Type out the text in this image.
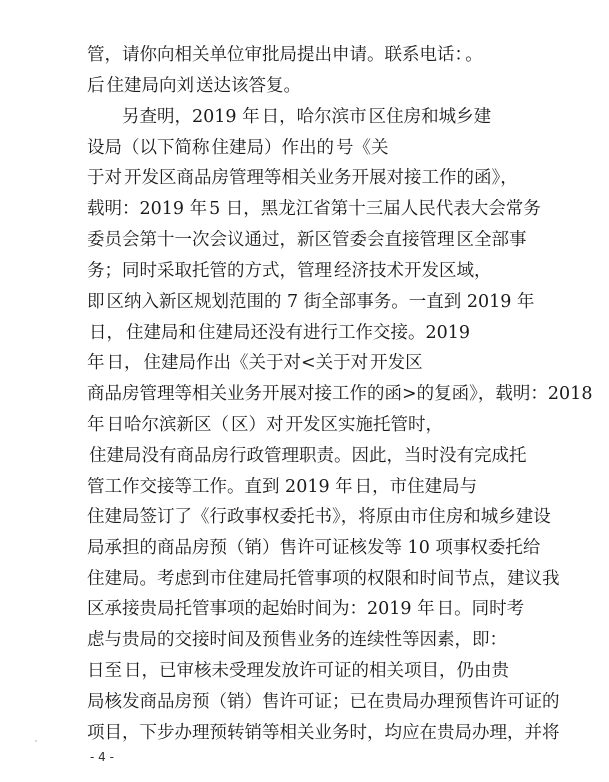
管，请你向相关单位审批局提出申请。联系电话： 。
后 住建局向刘 送达该答复。
另查明，2019 年 日，哈尔滨市 区住房和城乡建
设局（以下简称 住建局）作出的 号《关
于对 开发区商品房管理等相关业务开展对接工作的函》，
载明：2019 年 5 日，黑龙江省第十三届人民代表大会常务
委员会第十一次会议通过，新区管委会直接管理 区全部事
务；同时采取托管的方式，管理 经济技术开发区域，
即 区纳入新区规划范围的 7 街全部事务。一直到 2019 年
日， 住建局和 住建局还没有进行工作交接。2019
年 日， 住建局作出《关于对<关于对 开发区
商品房管理等相关业务开展对接工作的函>的复函》，载明：2018
年 日哈尔滨新区（ 区）对 开发区实施托管时，
住建局没有商品房行政管理职责。因此，当时没有完成托
管工作交接等工作。直到 2019 年 日，市住建局与
住建局签订了《行政事权委托书》，将原由市住房和城乡建设
局承担的商品房预（销）售许可证核发等 10 项事权委托给
住建局。考虑到市住建局托管事项的权限和时间节点，建议我
区承接贵局托管事项的起始时间为：2019 年 日。同时考
虑与贵局的交接时间及预售业务的连续性等因素，即：
日至 日，已审核未受理发放许可证的相关项目，仍由贵
局核发商品房预（销）售许可证；已在贵局办理预售许可证的
项目，下步办理预转销等相关业务时，均应在贵局办理，并将
- 4 -
